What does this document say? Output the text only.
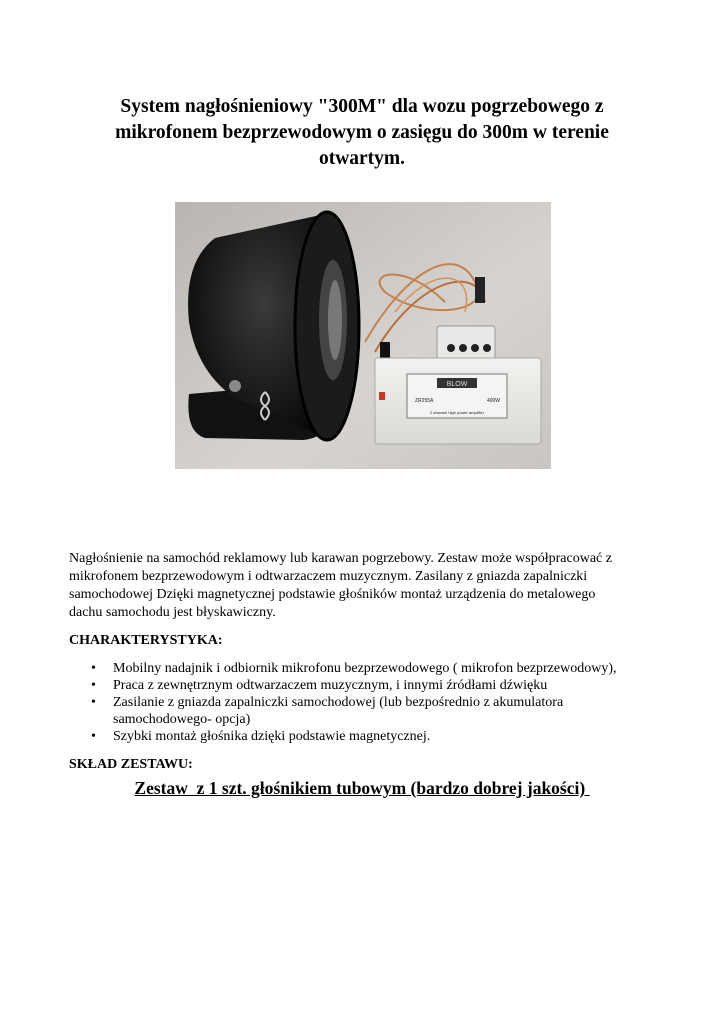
System nagłośnieniowy "300M" dla wozu pogrzebowego z
mikrofonem bezprzewodowym o zasięgu do 300m w terenie
otwartym.
BLOW
ZR255A	400W
2 channel high power amplifier
Nagłośnienie na samochód reklamowy lub karawan pogrzebowy. Zestaw może współpracować z
mikrofonem bezprzewodowym i odtwarzaczem muzycznym. Zasilany z gniazda zapalniczki
samochodowej Dzięki magnetycznej podstawie głośników montaż urządzenia do metalowego
dachu samochodu jest błyskawiczny.
CHARAKTERYSTYKA:
• Mobilny nadajnik i odbiornik mikrofonu bezprzewodowego ( mikrofon bezprzewodowy),
• Praca z zewnętrznym odtwarzaczem muzycznym, i innymi źródłami dźwięku
• Zasilanie z gniazda zapalniczki samochodowej (lub bezpośrednio z akumulatora
samochodowego- opcja)
• Szybki montaż głośnika dzięki podstawie magnetycznej.
SKŁAD ZESTAWU:
Zestaw  z 1 szt. głośnikiem tubowym (bardzo dobrej jakości)
